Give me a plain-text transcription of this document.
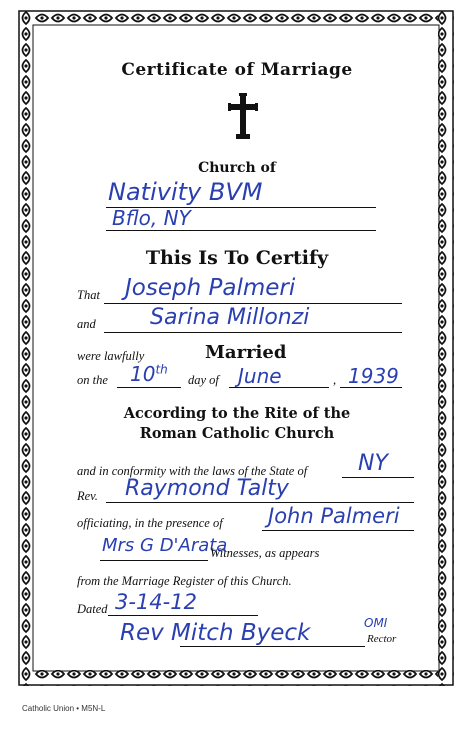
Certificate of Marriage
Church of
Nativity BVM
Bflo, NY
This Is To Certify
That Joseph Palmeri
and Sarina Millonzi
were lawfully	Married
on the 10th
day of June	, 1939
According to the Rite of the
Roman Catholic Church
and in conformity with the laws of the State of NY
Rev. Raymond Talty
officiating, in the presence of John Palmeri
Mrs G D'Arata
Witnesses, as appears
from the Marriage Register of this Church.
Dated 3-14-12
Rev Mitch Byeck	OMI
Rector
Catholic Union • M5N-L
